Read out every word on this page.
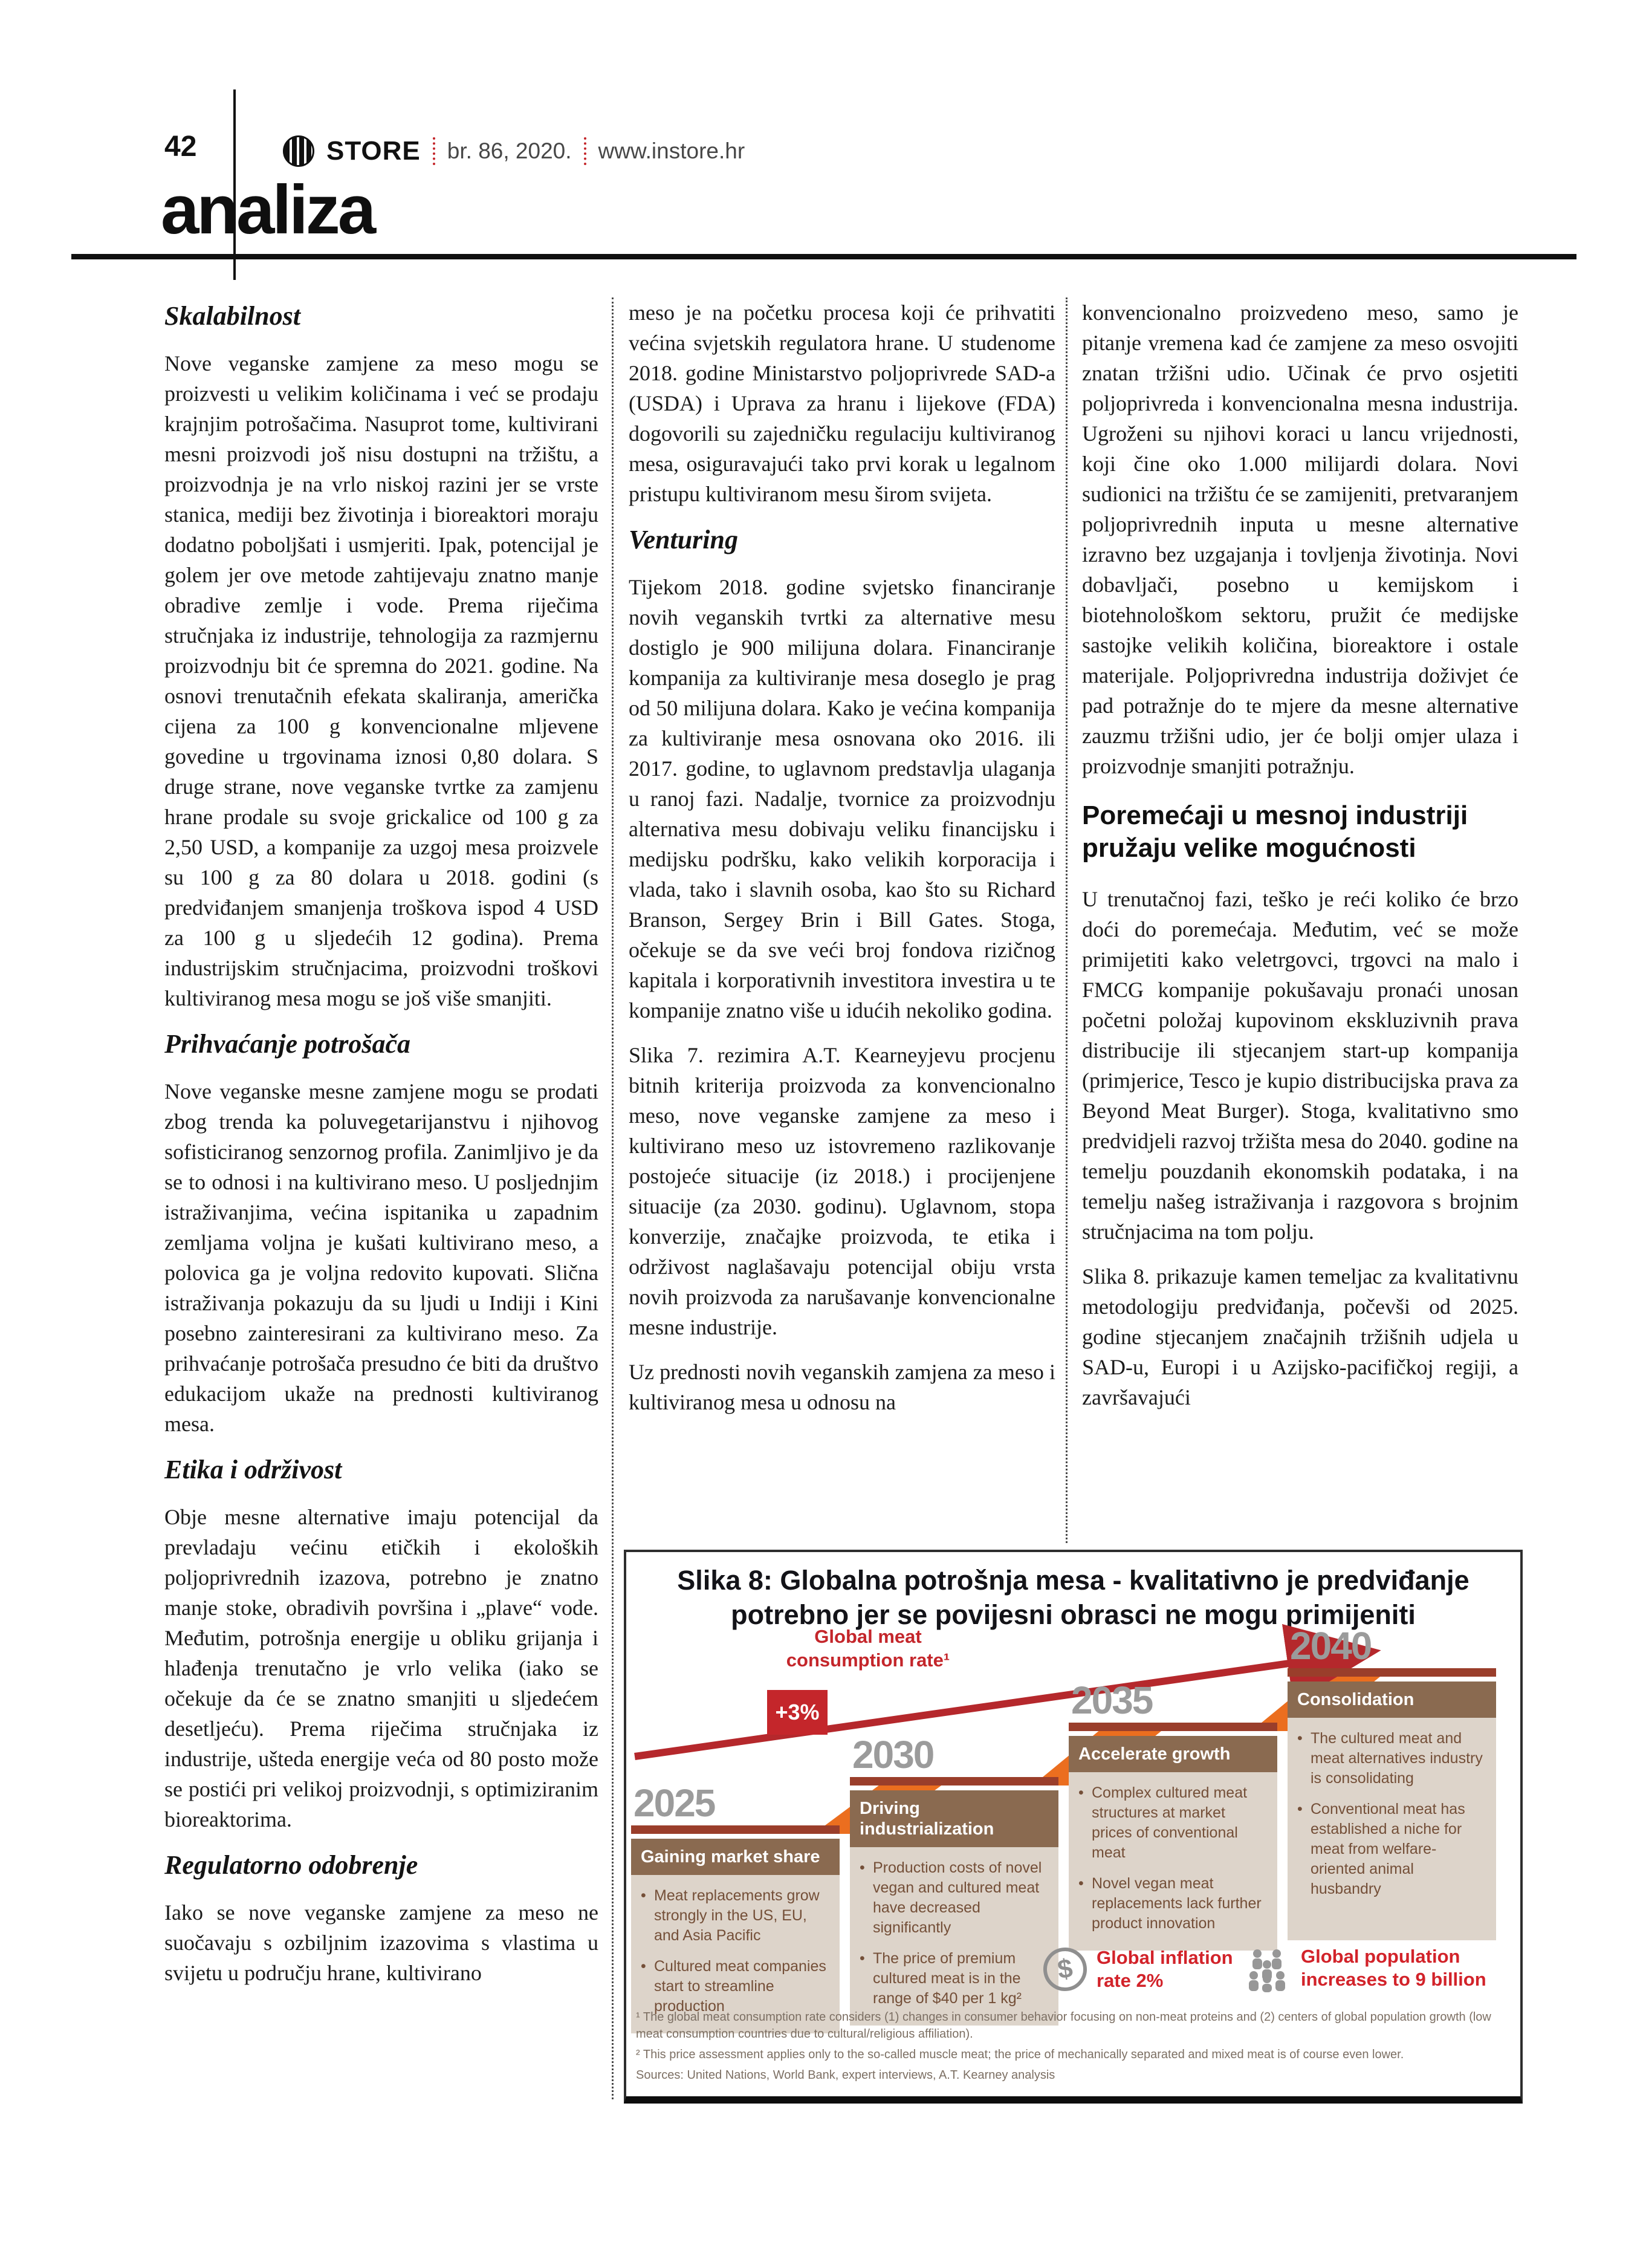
42	STORE br. 86, 2020. www.instore.hr
analiza
Skalabilnost

Nove veganske zamjene za meso mogu se proizvesti u velikim količinama i već se prodaju krajnjim potrošačima. Nasuprot tome, kultivirani mesni proizvodi još nisu dostupni na tržištu, a proizvodnja je na vrlo niskoj razini jer se vrste stanica, mediji bez životinja i bioreaktori moraju dodatno poboljšati i usmjeriti. Ipak, potencijal je golem jer ove metode zahtijevaju znatno manje obradive zemlje i vode. Prema riječima stručnjaka iz industrije, tehnologija za razmjernu proizvodnju bit će spremna do 2021. godine. Na osnovi trenutačnih efekata skaliranja, američka cijena za 100 g konvencionalne mljevene govedine u trgovinama iznosi 0,80 dolara. S druge strane, nove veganske tvrtke za zamjenu hrane prodale su svoje grickalice od 100 g za 2,50 USD, a kompanije za uzgoj mesa proizvele su 100 g za 80 dolara u 2018. godini (s predviđanjem smanjenja troškova ispod 4 USD za 100 g u sljedećih 12 godina). Prema industrijskim stručnjacima, proizvodni troškovi kultiviranog mesa mogu se još više smanjiti.

Prihvaćanje potrošača

Nove veganske mesne zamjene mogu se prodati zbog trenda ka poluvegetarijanstvu i njihovog sofisticiranog senzornog profila. Zanimljivo je da se to odnosi i na kultivirano meso. U posljednjim istraživanjima, većina ispitanika u zapadnim zemljama voljna je kušati kultivirano meso, a polovica ga je voljna redovito kupovati. Slična istraživanja pokazuju da su ljudi u Indiji i Kini posebno zainteresirani za kultivirano meso. Za prihvaćanje potrošača presudno će biti da društvo edukacijom ukaže na prednosti kultiviranog mesa.

Etika i održivost

Obje mesne alternative imaju potencijal da prevladaju većinu etičkih i ekoloških poljoprivrednih izazova, potrebno je znatno manje stoke, obradivih površina i „plave“ vode. Međutim, potrošnja energije u obliku grijanja i hlađenja trenutačno je vrlo velika (iako se očekuje da će se znatno smanjiti u sljedećem desetljeću). Prema riječima stručnjaka iz industrije, ušteda energije veća od 80 posto može se postići pri velikoj proizvodnji, s optimiziranim bioreaktorima.

Regulatorno odobrenje

Iako se nove veganske zamjene za meso ne suočavaju s ozbiljnim izazovima s vlastima u svijetu u području hrane, kultivirano

meso je na početku procesa koji će prihvatiti većina svjetskih regulatora hrane. U studenome 2018. godine Ministarstvo poljoprivrede SAD-a (USDA) i Uprava za hranu i lijekove (FDA) dogovorili su zajedničku regulaciju kultiviranog mesa, osiguravajući tako prvi korak u legalnom pristupu kultiviranom mesu širom svijeta.

Venturing

Tijekom 2018. godine svjetsko financiranje novih veganskih tvrtki za alternative mesu dostiglo je 900 milijuna dolara. Financiranje kompanija za kultiviranje mesa doseglo je prag od 50 milijuna dolara. Kako je većina kompanija za kultiviranje mesa osnovana oko 2016. ili 2017. godine, to uglavnom predstavlja ulaganja u ranoj fazi. Nadalje, tvornice za proizvodnju alternativa mesu dobivaju veliku financijsku i medijsku podršku, kako velikih korporacija i vlada, tako i slavnih osoba, kao što su Richard Branson, Sergey Brin i Bill Gates. Stoga, očekuje se da sve veći broj fondova rizičnog kapitala i korporativnih investitora investira u te kompanije znatno više u idućih nekoliko godina.

Slika 7. rezimira A.T. Kearneyjevu procjenu bitnih kriterija proizvoda za konvencionalno meso, nove veganske zamjene za meso i kultivirano meso uz istovremeno razlikovanje postojeće situacije (iz 2018.) i procijenjene situacije (za 2030. godinu). Uglavnom, stopa konverzije, značajke proizvoda, te etika i održivost naglašavaju potencijal obiju vrsta novih proizvoda za narušavanje konvencionalne mesne industrije.

Uz prednosti novih veganskih zamjena za meso i kultiviranog mesa u odnosu na

konvencionalno proizvedeno meso, samo je pitanje vremena kad će zamjene za meso osvojiti znatan tržišni udio. Učinak će prvo osjetiti poljoprivreda i konvencionalna mesna industrija. Ugroženi su njihovi koraci u lancu vrijednosti, koji čine oko 1.000 milijardi dolara. Novi sudionici na tržištu će se zamijeniti, pretvaranjem poljoprivrednih inputa u mesne alternative izravno bez uzgajanja i tovljenja životinja. Novi dobavljači, posebno u kemijskom i biotehnološkom sektoru, pružit će medijske sastojke velikih količina, bioreaktore i ostale materijale. Poljoprivredna industrija doživjet će pad potražnje do te mjere da mesne alternative zauzmu tržišni udio, jer će bolji omjer ulaza i proizvodnje smanjiti potražnju.

Poremećaji u mesnoj industriji pružaju velike mogućnosti

U trenutačnoj fazi, teško je reći koliko će brzo doći do poremećaja. Međutim, već se može primijetiti kako veletrgovci, trgovci na malo i FMCG kompanije pokušavaju pronaći unosan početni položaj kupovinom ekskluzivnih prava distribucije ili stjecanjem start-up kompanija (primjerice, Tesco je kupio distribucijska prava za Beyond Meat Burger). Stoga, kvalitativno smo predvidjeli razvoj tržišta mesa do 2040. godine na temelju pouzdanih ekonomskih podataka, i na temelju našeg istraživanja i razgovora s brojnim stručnjacima na tom polju.

Slika 8. prikazuje kamen temeljac za kvalitativnu metodologiju predviđanja, počevši od 2025. godine stjecanjem značajnih tržišnih udjela u SAD-u, Europi i u Azijsko-pacifičkoj regiji, a završavajući

Slika 8: Globalna potrošnja mesa - kvalitativno je predviđanje
potrebno jer se povijesni obrasci ne mogu primijeniti
Global meat
consumption rate¹
+3%
2025
2030
2035
2040
Gaining market share
• Meat replacements grow strongly in the US, EU, and Asia Pacific
• Cultured meat companies start to streamline production
Driving industrialization
• Production costs of novel vegan and cultured meat have decreased significantly
• The price of premium cultured meat is in the range of $40 per 1 kg²
Accelerate growth
• Complex cultured meat structures at market prices of conventional meat
• Novel vegan meat replacements lack further product innovation
Consolidation
• The cultured meat and meat alternatives industry is consolidating
• Conventional meat has established a niche for meat from welfare-oriented animal husbandry
$	Global inflation
rate 2%
Global population
increases to 9 billion
¹ The global meat consumption rate considers (1) changes in consumer behavior focusing on non-meat proteins and (2) centers of global population growth (low meat consumption countries due to cultural/religious affiliation).
² This price assessment applies only to the so-called muscle meat; the price of mechanically separated and mixed meat is of course even lower.
Sources: United Nations, World Bank, expert interviews, A.T. Kearney analysis
